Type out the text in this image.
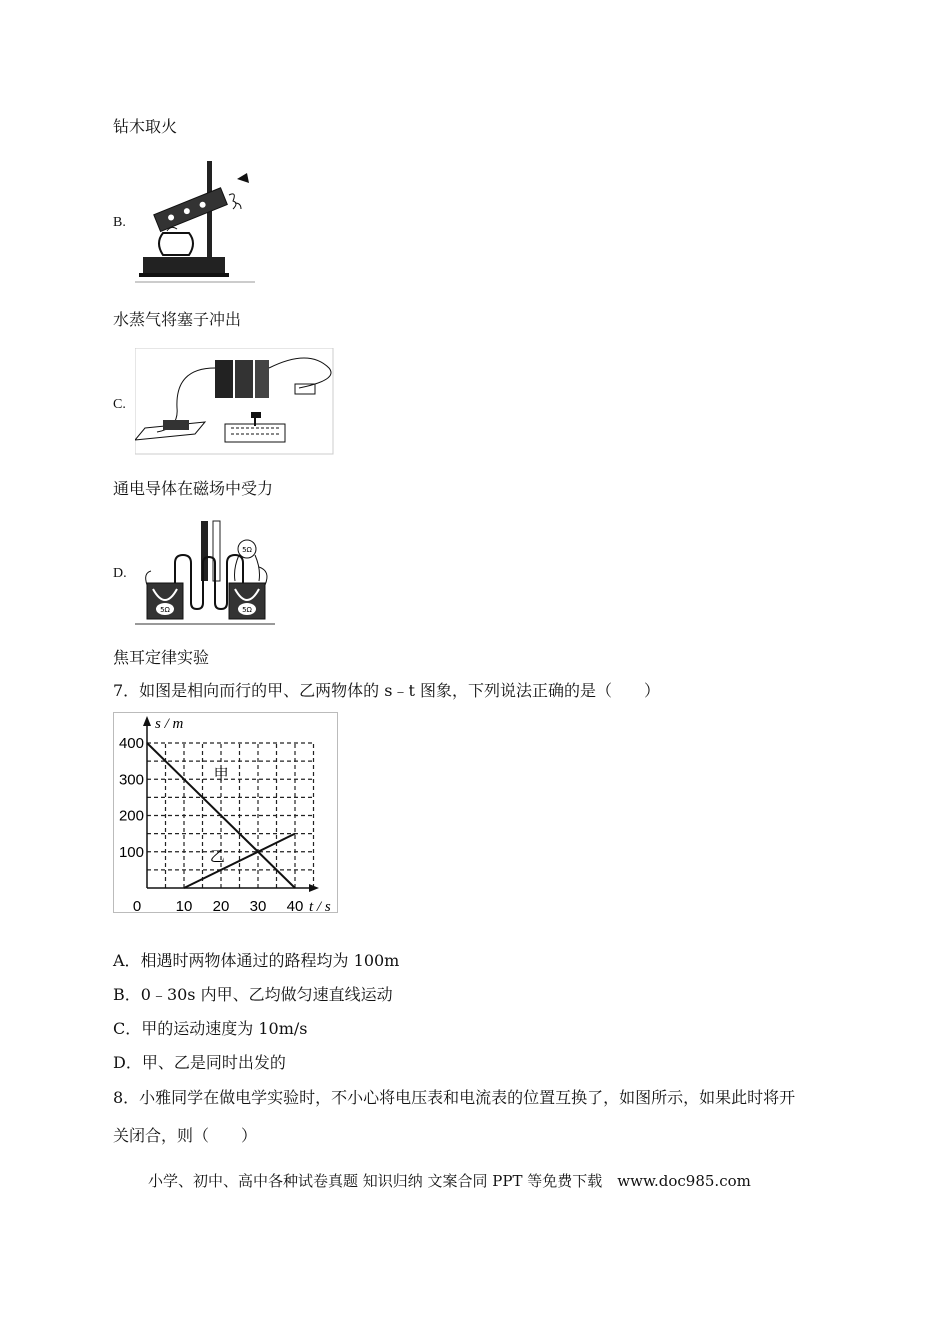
钻木取火
B.
水蒸气将塞子冲出
C.
通电导体在磁场中受力
D.
5Ω	5Ω
5Ω
焦耳定律实验
7．如图是相向而行的甲、乙两物体的 s﹣t 图象，下列说法正确的是（　　）
甲
乙
100
200
300
400
0 10 20 30 40
s / m
t / s
A．相遇时两物体通过的路程均为 100m
B．0﹣30s 内甲、乙均做匀速直线运动
C．甲的运动速度为 10m/s
D．甲、乙是同时出发的
8．小雅同学在做电学实验时，不小心将电压表和电流表的位置互换了，如图所示，如果此时将开
关闭合，则（　　）
小学、初中、高中各种试卷真题 知识归纳 文案合同 PPT 等免费下载　www.doc985.com
